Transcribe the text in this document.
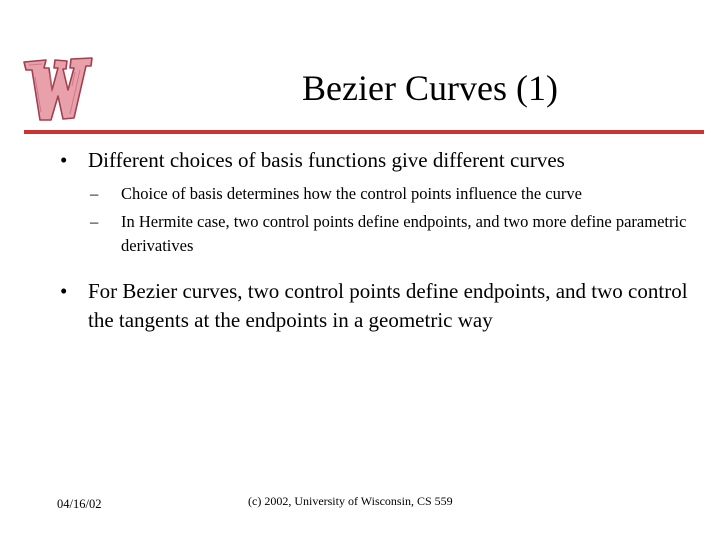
Bezier Curves (1)
• Different choices of basis functions give different curves
– Choice of basis determines how the control points influence the curve
– In Hermite case, two control points define endpoints, and two more define parametric derivatives
• For Bezier curves, two control points define endpoints, and two control the tangents at the endpoints in a geometric way
04/16/02	(c) 2002, University of Wisconsin, CS 559
